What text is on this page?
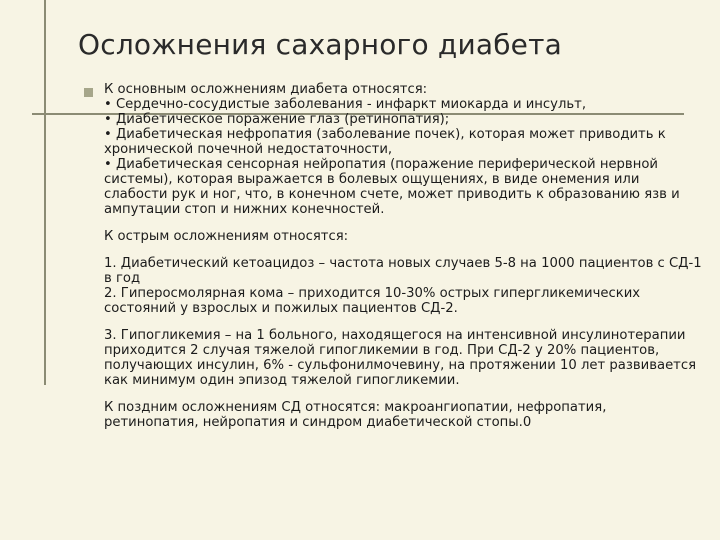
Осложнения сахарного диабета

К основным осложнениям диабета относятся:

• Сердечно-сосудистые заболевания - инфаркт миокарда и инсульт,

• Диабетическое поражение глаз (ретинопатия);

• Диабетическая нефропатия (заболевание почек), которая может приводить к хронической почечной недостаточности,

• Диабетическая сенсорная нейропатия (поражение периферической нервной системы), которая выражается в болевых ощущениях, в виде онемения или слабости рук и ног, что, в конечном счете, может приводить к образованию язв и ампутации стоп и нижних конечностей.

К острым осложнениям относятся:

1. Диабетический кетоацидоз – частота новых случаев 5-8 на 1000 пациентов с СД-1 в год

2. Гиперосмолярная кома – приходится 10-30% острых гипергликемических состояний у взрослых и пожилых пациентов СД-2.

3. Гипогликемия – на 1 больного, находящегося на интенсивной инсулинотерапии приходится 2 случая тяжелой гипогликемии в год. При СД-2 у 20% пациентов, получающих инсулин, 6% - сульфонилмочевину, на протяжении 10 лет развивается как минимум один эпизод тяжелой гипогликемии.

К поздним осложнениям СД относятся: макроангиопатии, нефропатия, ретинопатия, нейропатия и синдром диабетической стопы.0
